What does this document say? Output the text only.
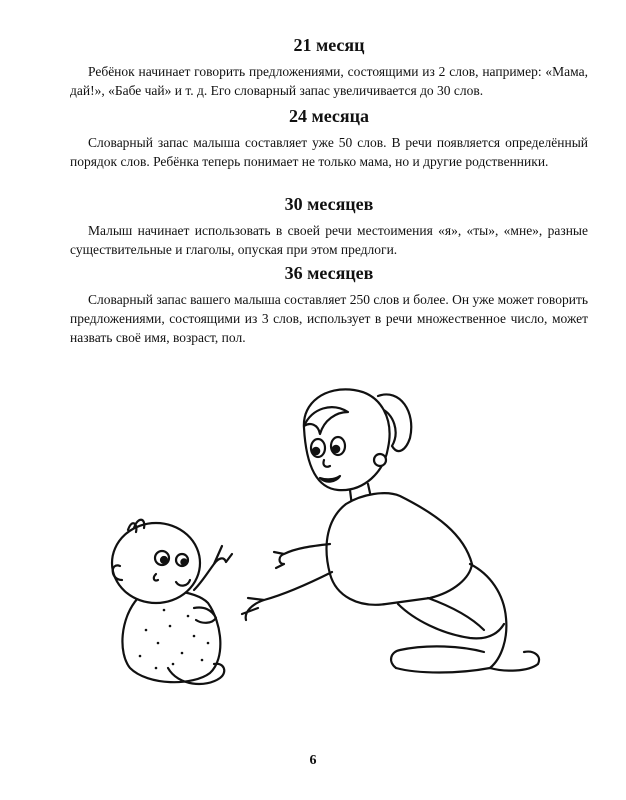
21 месяц

Ребёнок начинает говорить предложениями, состоящими из 2 слов, например: «Мама, дай!», «Бабе чай» и т. д. Его словарный запас увеличивается до 30 слов.

24 месяца

Словарный запас малыша составляет уже 50 слов. В речи появляется определённый порядок слов. Ребёнка теперь понимает не только мама, но и другие родственники.

30 месяцев

Малыш начинает использовать в своей речи местоимения «я», «ты», «мне», разные существительные и глаголы, опуская при этом предлоги.

36 месяцев

Словарный запас вашего малыша составляет 250 слов и более. Он уже может говорить предложениями, состоящими из 3 слов, использует в речи множественное число, может назвать своё имя, возраст, пол.

6
